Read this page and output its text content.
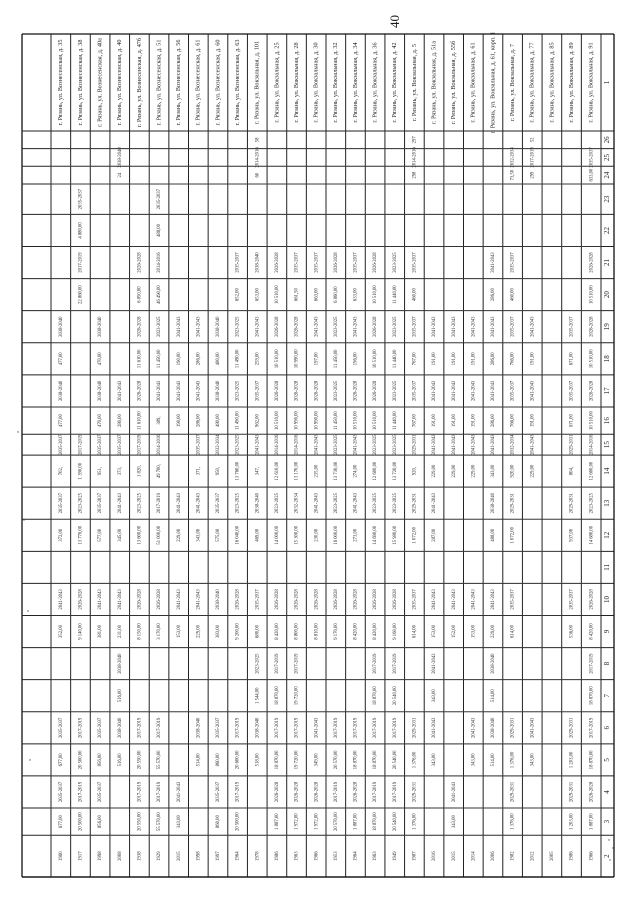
1
2
3
4
5
6
7
8
9
10
11
12
13
14
15
16
17
18
19
20
21
22
23
24
25
26
г. Рязань, ул. Вознесенская, д. 35
1960
677,00
2035-2037
677,00
2035-2037
352,00
2041-2043
372,00
2035-2037
702,
2035-2037
477,00
2038-2040
477,00
2038-2040
г. Рязань, ул. Вознесенская, д. 38
1917
20 500,00
2017-2019
20 500,00
2017-2019
9 140,00
2026-2028
13 770,00
2023-2025
1 390,00
2017-2019
22 860,00
2017-2019
4 880,00
2035-2037
г. Рязань, ул. Вознесенская, д. 40а
1998
856,00
2035-2037
856,00
2035-2037
381,00
2041-2043
577,00
2035-2037
951,
2035-2037
470,00
2038-2040
470,00
2038-2040
г. Рязань, ул. Вознесенская, д. 40
2008
516,00
2038-2040
516,00
2038-2040
231,00
2041-2043
345,00
2041-2043
373,
2035-2037
280,00
2041-2043
24
2038-2040
г. Рязань, ул. Вознесенская, д. 47б
1938
20 550,00
2017-2019
20 550,00
2017-2019
8 150,00
2026-2028
13 600,00
2023-2025
1 820,
2017-2019
11 610,00
2026-2028
11 610,00
2026-2028
6 850,00
2026-2028
г. Рязань, ул. Вознесенская, д. 51
1929
55 570,00
2017-2019
55 570,00
2017-2019
3 170,00
2026-2028
51 000,00
2017-2019
49 700,
2014-2016
389,
2041-2043
11 450,00
2023-2025
46 490,00
2014-2016
488,00
2035-2037
г. Рязань, ул. Вознесенская, д. 56
2015
343,00
2041-2043
153,00
2041-2043
229,00
2041-2043
190,00
2041-2043
190,00
2041-2043
г. Рязань, ул. Вознесенская, д. 61
1998
514,00
2038-2040
229,00
2041-2043
343,00
2041-2043
371,
2035-2037
286,00
2041-2043
286,00
2041-2043
г. Рязань, ул. Вознесенская, д. 60
1997
860,00
2035-2037
860,00
2035-2037
383,00
2038-2040
575,00
2035-2037
950,
2032-2034
480,00
2038-2040
480,00
2038-2040
г. Рязань, ул. Вознесенская, д. 63
1964
20 500,00
2017-2019
20 600,00
2017-2019
9 200,00
2026-2028
16 040,00
2023-2025
13 760,00
2023-2025
11 490,00
2023-2025
11 490,00
2023-2025
652,00
2035-2037
г. Рязань, ул. Вокзальная, д. 101
1978
518,00
2038-2040
1 544,00
2023-2025
680,00
2035-2037
469,00
2038-2040
347,
2041-2043
962,00
2035-2037
259,00
2041-2043
653,00
2038-2040
60
2014-2016
58
г. Рязань, ул. Вокзальная, д. 25
1986
1 887,00
2026-2028
18 870,00
2017-2019
18 870,00
2017-2019
8 420,00
2026-2028
14 000,00
2023-2025
12 610,00
2014-2016
10 510,00
2026-2028
10 510,00
2026-2028
10 510,00
2026-2028
г. Рязань, ул. Вокзальная, д. 28
1963
1 972,00
2026-2028
19 720,00
2017-2019
19 720,00
2017-2019
8 800,00
2026-2028
15 300,00
2032-2034
13 170,00
2014-2016
10 990,00
2026-2028
10 990,00
2026-2028
661,50
2035-2037
г. Рязань, ул. Вокзальная, д. 30
1966
1 972,00
2026-2028
349,00
2041-2043
8 810,00
2026-2028
230,00
2041-2043
235,00
2041-2043
10 990,00
2026-2028
197,00
2041-2043
663,00
2035-2037
г. Рязань, ул. Вокзальная, д. 32
1953
20 570,00
2017-2019
20 570,00
2017-2019
9 170,00
2026-2028
16 000,00
2023-2025
13 730,00
2023-2025
11 450,00
2023-2025
11 450,00
2023-2025
6 860,00
2026-2028
г. Рязань, ул. Вокзальная, д. 34
1964
1 887,00
2026-2028
18 870,00
2017-2019
8 420,00
2026-2028
273,00
2041-2043
274,00
2041-2043
10 510,00
2026-2028
196,00
2041-2043
633,00
2035-2037
г. Рязань, ул. Вокзальная, д. 36
1963
18 870,00
2017-2019
18 870,00
2017-2019
18 870,00
2017-2019
8 420,00
2026-2028
14 690,00
2023-2025
12 600,00
2023-2025
10 510,00
2026-2028
10 510,00
2026-2028
10 510,00
2026-2028
г. Рязань, ул. Вокзальная, д. 42
1949
20 540,00
2017-2019
20 540,00
2017-2019
20 540,00
2017-2019
9 160,00
2026-2028
15 980,00
2023-2025
13 720,00
2023-2025
11 440,00
2023-2025
11 440,00
2023-2025
11 440,00
2023-2025
г. Рязань, ул. Вокзальная, д. 5
1987
1 376,00
2029-2031
1 376,00
2029-2031
614,00
2035-2037
1 072,00
2029-2031
920,
2029-2031
767,00
2035-2037
767,00
2035-2037
460,00
2035-2037
298
2014-2016
297
г. Рязань, ул. Вокзальная, д. 51а
2016
343,00
2041-2043
343,00
2041-2043
153,00
2041-2043
287,00
2041-2043
229,00
2041-2043
191,00
2041-2043
191,00
2041-2043
г. Рязань, ул. Вокзальная, д. 55б
2015
343,00
2041-2043
152,00
2041-2043
229,00
2041-2043
191,00
2041-2043
191,00
2041-2043
г. Рязань, ул. Вокзальная, д. 61
2014
343,00
2041-2043
153,00
2041-2043
229,00
2041-2043
191,00
2041-2043
191,00
2041-2043
г. Рязань, ул. Вокзальная, д. 61, корп. 1
2006
514,00
2038-2040
514,00
2038-2040
229,00
2041-2043
488,00
2038-2040
343,00
2041-2043
286,00
2041-2043
286,00
2041-2043
286,00
2041-2043
г. Рязань, ул. Вокзальная, д. 7
1982
1 376,00
2029-2031
1 376,00
2029-2031
614,00
2035-2037
1 072,00
2029-2031
920,00
2032-2034
766,00
2035-2037
766,00
2035-2037
460,00
2035-2037
73,50
2032-2034
г. Рязань, ул. Вокзальная, д. 77
2012
343,00
2041-2043
229,00
2041-2043
191,00
2041-2043
191,00
2041-2043
299
2017-2019
52
г. Рязань, ул. Вокзальная, д. 85
2005
г. Рязань, ул. Вокзальная, д. 89
1986
1 203,00
2029-2031
1 203,00
2029-2031
536,00
2035-2037
937,00
2029-2031
804,
2029-2031
671,00
2035-2037
671,00
2035-2037
г. Рязань, ул. Вокзальная, д. 91
1966
1 887,00
2026-2028
18 870,00
2017-2019
18 870,00
2017-2019
8 420,00
2026-2028
14 680,00
2023-2025
12 600,00
2014-2016
10 510,00
2026-2028
10 510,00
2026-2028
10 510,00
2026-2028
633,00
2035-2037
40
